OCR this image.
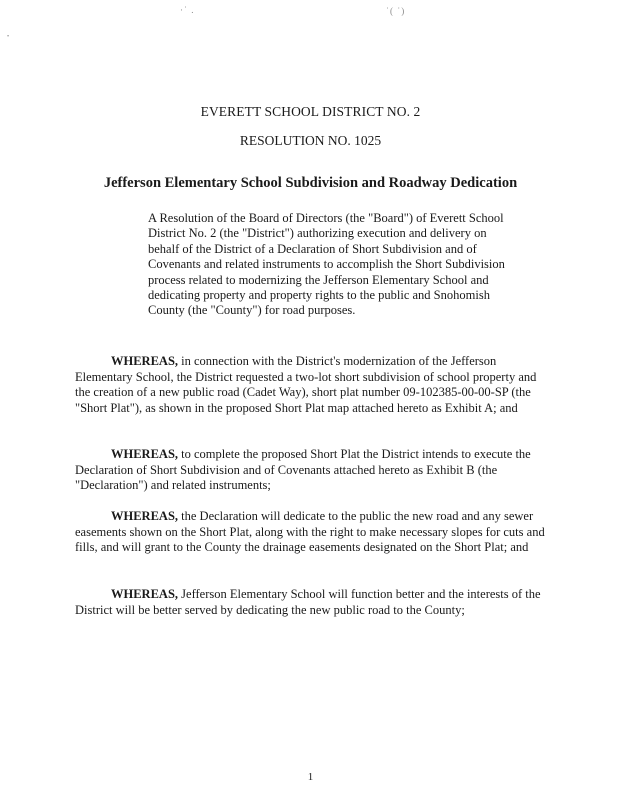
·˙ .	˙( ˙)
•

EVERETT SCHOOL DISTRICT NO. 2

RESOLUTION NO. 1025

Jefferson Elementary School Subdivision and Roadway Dedication

A Resolution of the Board of Directors (the "Board") of Everett School District No. 2 (the "District") authorizing execution and delivery on behalf of the District of a Declaration of Short Subdivision and of Covenants and related instruments to accomplish the Short Subdivision process related to modernizing the Jefferson Elementary School and dedicating property and property rights to the public and Snohomish County (the "County") for road purposes.

WHEREAS, in connection with the District's modernization of the Jefferson Elementary School, the District requested a two-lot short subdivision of school property and the creation of a new public road (Cadet Way), short plat number 09-102385-00-00-SP (the "Short Plat"), as shown in the proposed Short Plat map attached hereto as Exhibit A; and

WHEREAS, to complete the proposed Short Plat the District intends to execute the Declaration of Short Subdivision and of Covenants attached hereto as Exhibit B (the "Declaration") and related instruments;

WHEREAS, the Declaration will dedicate to the public the new road and any sewer easements shown on the Short Plat, along with the right to make necessary slopes for cuts and fills, and will grant to the County the drainage easements designated on the Short Plat; and

WHEREAS, Jefferson Elementary School will function better and the interests of the District will be better served by dedicating the new public road to the County;

1
